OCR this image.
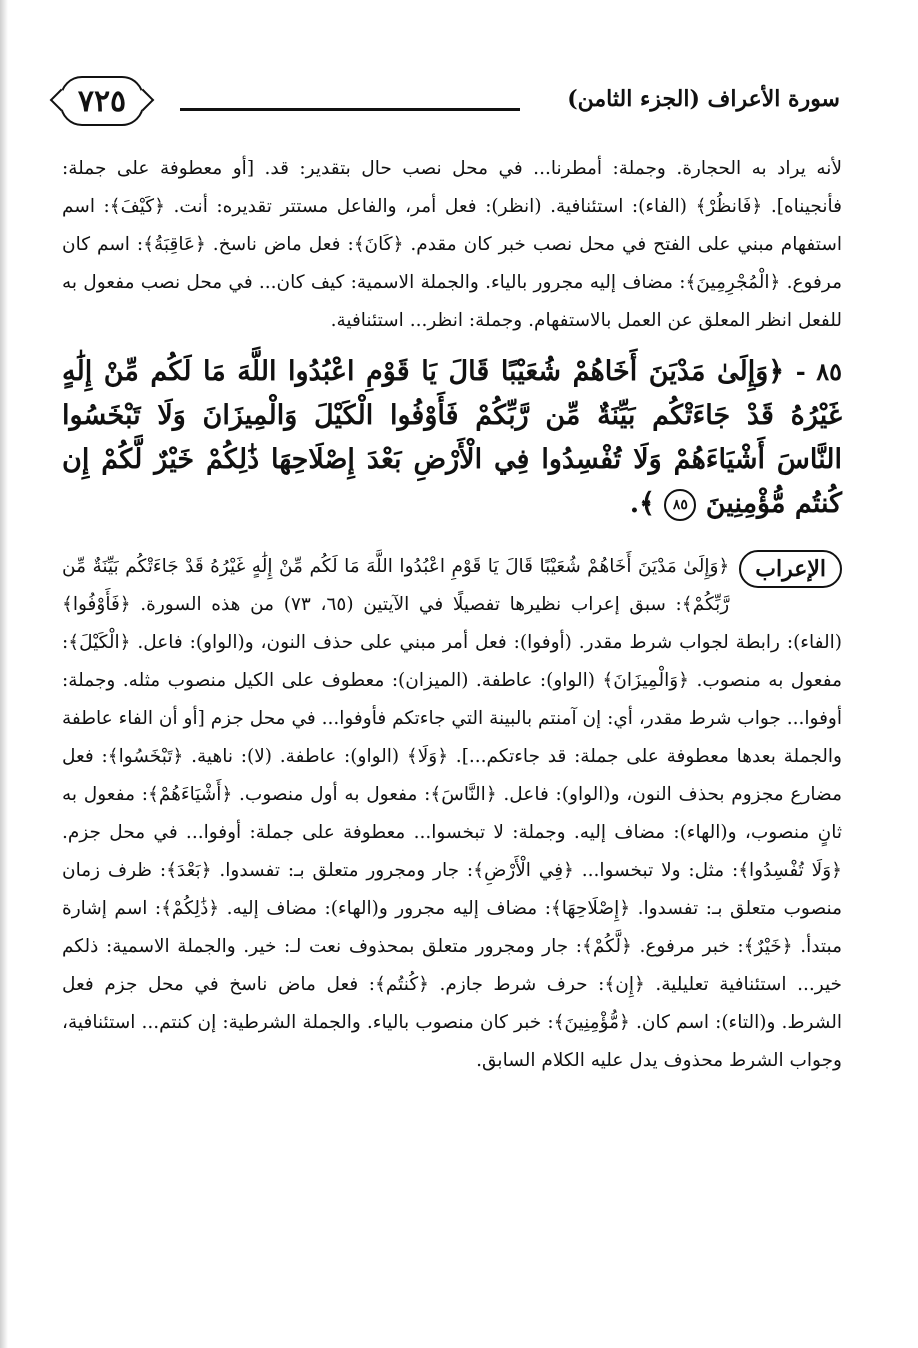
٧٢٥	سورة الأعراف (الجزء الثامن)

لأنه يراد به الحجارة. وجملة: أمطرنا... في محل نصب حال بتقدير: قد. [أو معطوفة على جملة: فأنجيناه]. ﴿فَانظُرْ﴾ (الفاء): استئنافية. (انظر): فعل أمر، والفاعل مستتر تقديره: أنت. ﴿كَيْفَ﴾: اسم استفهام مبني على الفتح في محل نصب خبر كان مقدم. ﴿كَانَ﴾: فعل ماض ناسخ. ﴿عَاقِبَةُ﴾: اسم كان مرفوع. ﴿الْمُجْرِمِينَ﴾: مضاف إليه مجرور بالياء. والجملة الاسمية: كيف كان... في محل نصب مفعول به للفعل انظر المعلق عن العمل بالاستفهام. وجملة: انظر... استئنافية.

٨٥ - ﴿وَإِلَىٰ مَدْيَنَ أَخَاهُمْ شُعَيْبًا قَالَ يَا قَوْمِ اعْبُدُوا اللَّهَ مَا لَكُم مِّنْ إِلَٰهٍ غَيْرُهُ قَدْ جَاءَتْكُم بَيِّنَةٌ مِّن رَّبِّكُمْ فَأَوْفُوا الْكَيْلَ وَالْمِيزَانَ وَلَا تَبْخَسُوا النَّاسَ أَشْيَاءَهُمْ وَلَا تُفْسِدُوا فِي الْأَرْضِ بَعْدَ إِصْلَاحِهَا ذَٰلِكُمْ خَيْرٌ لَّكُمْ إِن كُنتُم مُّؤْمِنِينَ ٨٥ ﴾.

الإعراب
﴿وَإِلَىٰ مَدْيَنَ أَخَاهُمْ شُعَيْبًا قَالَ يَا قَوْمِ اعْبُدُوا اللَّهَ مَا لَكُم مِّنْ إِلَٰهٍ غَيْرُهُ قَدْ جَاءَتْكُم بَيِّنَةٌ مِّن رَّبِّكُمْ﴾: سبق إعراب نظيرها تفصيلًا في الآيتين (٦٥، ٧٣) من هذه السورة. ﴿فَأَوْفُوا﴾ (الفاء): رابطة لجواب شرط مقدر. (أوفوا): فعل أمر مبني على حذف النون، و(الواو): فاعل. ﴿الْكَيْلَ﴾: مفعول به منصوب. ﴿وَالْمِيزَانَ﴾ (الواو): عاطفة. (الميزان): معطوف على الكيل منصوب مثله. وجملة: أوفوا... جواب شرط مقدر، أي: إن آمنتم بالبينة التي جاءتكم فأوفوا... في محل جزم [أو أن الفاء عاطفة والجملة بعدها معطوفة على جملة: قد جاءتكم...]. ﴿وَلَا﴾ (الواو): عاطفة. (لا): ناهية. ﴿تَبْخَسُوا﴾: فعل مضارع مجزوم بحذف النون، و(الواو): فاعل. ﴿النَّاسَ﴾: مفعول به أول منصوب. ﴿أَشْيَاءَهُمْ﴾: مفعول به ثانٍ منصوب، و(الهاء): مضاف إليه. وجملة: لا تبخسوا... معطوفة على جملة: أوفوا... في محل جزم. ﴿وَلَا تُفْسِدُوا﴾: مثل: ولا تبخسوا... ﴿فِي الْأَرْضِ﴾: جار ومجرور متعلق بـ: تفسدوا. ﴿بَعْدَ﴾: ظرف زمان منصوب متعلق بـ: تفسدوا. ﴿إِصْلَاحِهَا﴾: مضاف إليه مجرور و(الهاء): مضاف إليه. ﴿ذَٰلِكُمْ﴾: اسم إشارة مبتدأ. ﴿خَيْرٌ﴾: خبر مرفوع. ﴿لَّكُمْ﴾: جار ومجرور متعلق بمحذوف نعت لـ: خير. والجملة الاسمية: ذلكم خير... استئنافية تعليلية. ﴿إِن﴾: حرف شرط جازم. ﴿كُنتُم﴾: فعل ماض ناسخ في محل جزم فعل الشرط. و(التاء): اسم كان. ﴿مُّؤْمِنِينَ﴾: خبر كان منصوب بالياء. والجملة الشرطية: إن كنتم... استئنافية، وجواب الشرط محذوف يدل عليه الكلام السابق.
